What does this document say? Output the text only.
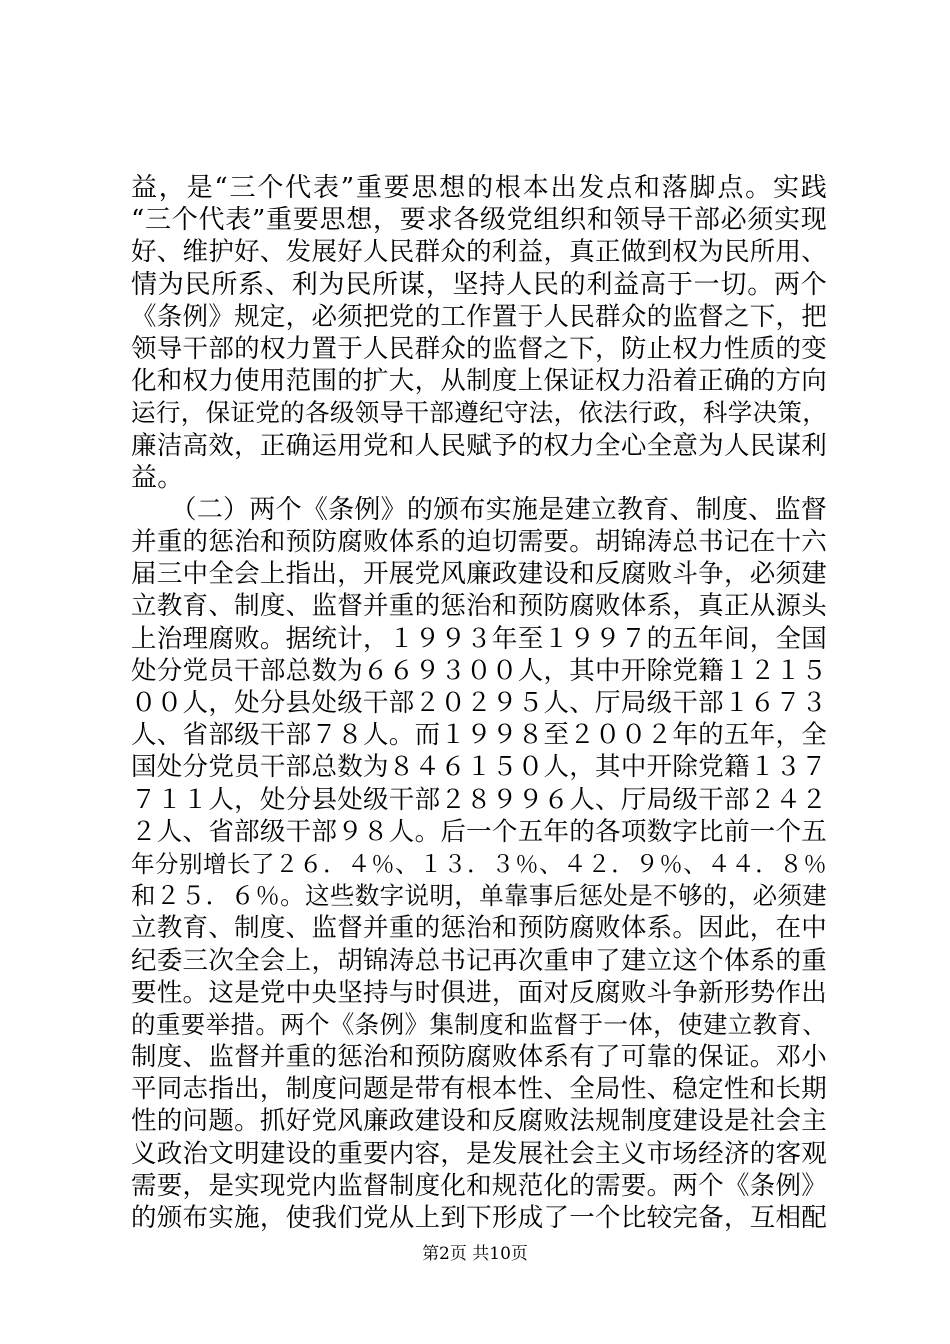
益，是“三个代表”重要思想的根本出发点和落脚点。实践
“三个代表”重要思想，要求各级党组织和领导干部必须实现
好、维护好、发展好人民群众的利益，真正做到权为民所用、
情为民所系、利为民所谋，坚持人民的利益高于一切。两个
《条例》规定，必须把党的工作置于人民群众的监督之下，把
领导干部的权力置于人民群众的监督之下，防止权力性质的变
化和权力使用范围的扩大，从制度上保证权力沿着正确的方向
运行，保证党的各级领导干部遵纪守法，依法行政，科学决策，
廉洁高效，正确运用党和人民赋予的权力全心全意为人民谋利
益。
　　（二）两个《条例》的颁布实施是建立教育、制度、监督
并重的惩治和预防腐败体系的迫切需要。胡锦涛总书记在十六
届三中全会上指出，开展党风廉政建设和反腐败斗争，必须建
立教育、制度、监督并重的惩治和预防腐败体系，真正从源头
上治理腐败。据统计，１９９３年至１９９７的五年间，全国
处分党员干部总数为６６９３００人，其中开除党籍１２１５
００人，处分县处级干部２０２９５人、厅局级干部１６７３
人、省部级干部７８人。而１９９８至２００２年的五年，全
国处分党员干部总数为８４６１５０人，其中开除党籍１３７
７１１人，处分县处级干部２８９９６人、厅局级干部２４２
２人、省部级干部９８人。后一个五年的各项数字比前一个五
年分别增长了２６．４％、１３．３％、４２．９％、４４．８％
和２５．６％。这些数字说明，单靠事后惩处是不够的，必须建
立教育、制度、监督并重的惩治和预防腐败体系。因此，在中
纪委三次全会上，胡锦涛总书记再次重申了建立这个体系的重
要性。这是党中央坚持与时俱进，面对反腐败斗争新形势作出
的重要举措。两个《条例》集制度和监督于一体，使建立教育、
制度、监督并重的惩治和预防腐败体系有了可靠的保证。邓小
平同志指出，制度问题是带有根本性、全局性、稳定性和长期
性的问题。抓好党风廉政建设和反腐败法规制度建设是社会主
义政治文明建设的重要内容，是发展社会主义市场经济的客观
需要，是实现党内监督制度化和规范化的需要。两个《条例》
的颁布实施，使我们党从上到下形成了一个比较完备，互相配
第2页 共10页
